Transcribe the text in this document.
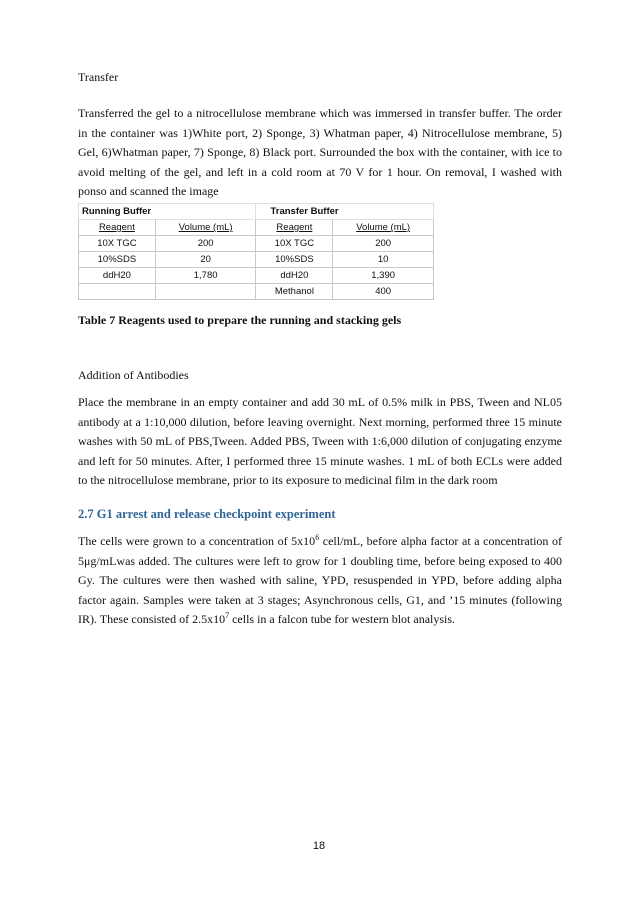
Transfer

Transferred the gel to a nitrocellulose membrane which was immersed in transfer buffer. The order in the container was 1)White port, 2) Sponge, 3) Whatman paper, 4) Nitrocellulose membrane, 5) Gel, 6)Whatman paper, 7) Sponge, 8) Black port. Surrounded the box with the container, with ice to avoid melting of the gel, and left in a cold room at 70 V for 1 hour. On removal, I washed with ponso and scanned the image

Running Buffer		Transfer Buffer	
Reagent	Volume (mL)	Reagent	Volume (mL)
10X TGC	200	10X TGC	200
10%SDS	20	10%SDS	10
ddH20	1,780	ddH20	1,390
		Methanol	400
Table 7 Reagents used to prepare the running and stacking gels
Addition of Antibodies

Place the membrane in an empty container and add 30 mL of 0.5% milk in PBS, Tween and NL05 antibody at a 1:10,000 dilution, before leaving overnight. Next morning, performed three 15 minute washes with 50 mL of PBS,Tween. Added PBS, Tween with 1:6,000 dilution of conjugating enzyme and left for 50 minutes. After, I performed three 15 minute washes. 1 mL of both ECLs were added to the nitrocellulose membrane, prior to its exposure to medicinal film in the dark room

2.7 G1 arrest and release checkpoint experiment

The cells were grown to a concentration of $5x10^6$ cell/mL, before alpha factor at a concentration of 5μg/mLwas added. The cultures were left to grow for 1 doubling time, before being exposed to 400 Gy. The cultures were then washed with saline, YPD, resuspended in YPD, before adding alpha factor again. Samples were taken at 3 stages; Asynchronous cells, G1, and ’15 minutes (following IR). These consisted of $2.5x10^7$ cells in a falcon tube for western blot analysis.

18
